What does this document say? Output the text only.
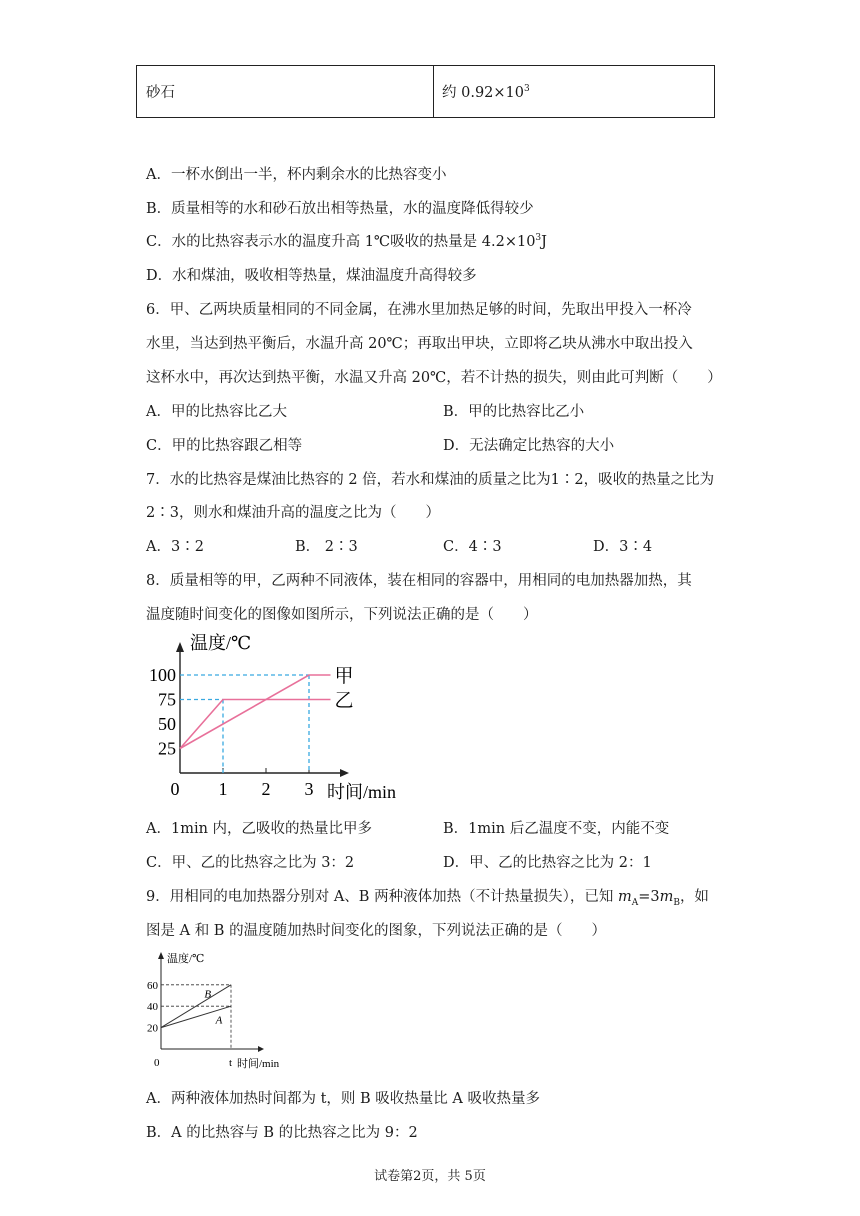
砂石	约 $0.92\times 10^3$
A．一杯水倒出一半，杯内剩余水的比热容变小
B．质量相等的水和砂石放出相等热量，水的温度降低得较少
C．水的比热容表示水的温度升高 1℃吸收的热量是 $4.2\times 10^3J$
D．水和煤油，吸收相等热量，煤油温度升高得较多
6．甲、乙两块质量相同的不同金属，在沸水里加热足够的时间，先取出甲投入一杯冷
水里，当达到热平衡后，水温升高 20℃；再取出甲块，立即将乙块从沸水中取出投入
这杯水中，再次达到热平衡，水温又升高 20℃，若不计热的损失，则由此可判断（　　）
A．甲的比热容比乙大	B．甲的比热容比乙小
C．甲的比热容跟乙相等	D．无法确定比热容的大小
7．水的比热容是煤油比热容的 2 倍，若水和煤油的质量之比为1∶2，吸收的热量之比为
2∶3，则水和煤油升高的温度之比为（　　）
A．3∶2	B． 2∶3	C．4∶3	D．3∶4
8．质量相等的甲，乙两种不同液体，装在相同的容器中，用相同的电加热器加热，其
温度随时间变化的图像如图所示，下列说法正确的是（　　）
温度/℃
时间/min
0 1 2 3
25
50
75
100	甲
乙
A．1min 内，乙吸收的热量比甲多	B．1min 后乙温度不变，内能不变
C．甲、乙的比热容之比为 3：2	D．甲、乙的比热容之比为 2：1
9．用相同的电加热器分别对 A、B 两种液体加热（不计热量损失），已知 $m_A=3m_B$，如
图是 A 和 B 的温度随加热时间变化的图象，下列说法正确的是（　　）
温度/℃
时间/min
0	t
20
40
60
B
A
A．两种液体加热时间都为 t，则 B 吸收热量比 A 吸收热量多
B．A 的比热容与 B 的比热容之比为 9：2
试卷第2页，共 5页
